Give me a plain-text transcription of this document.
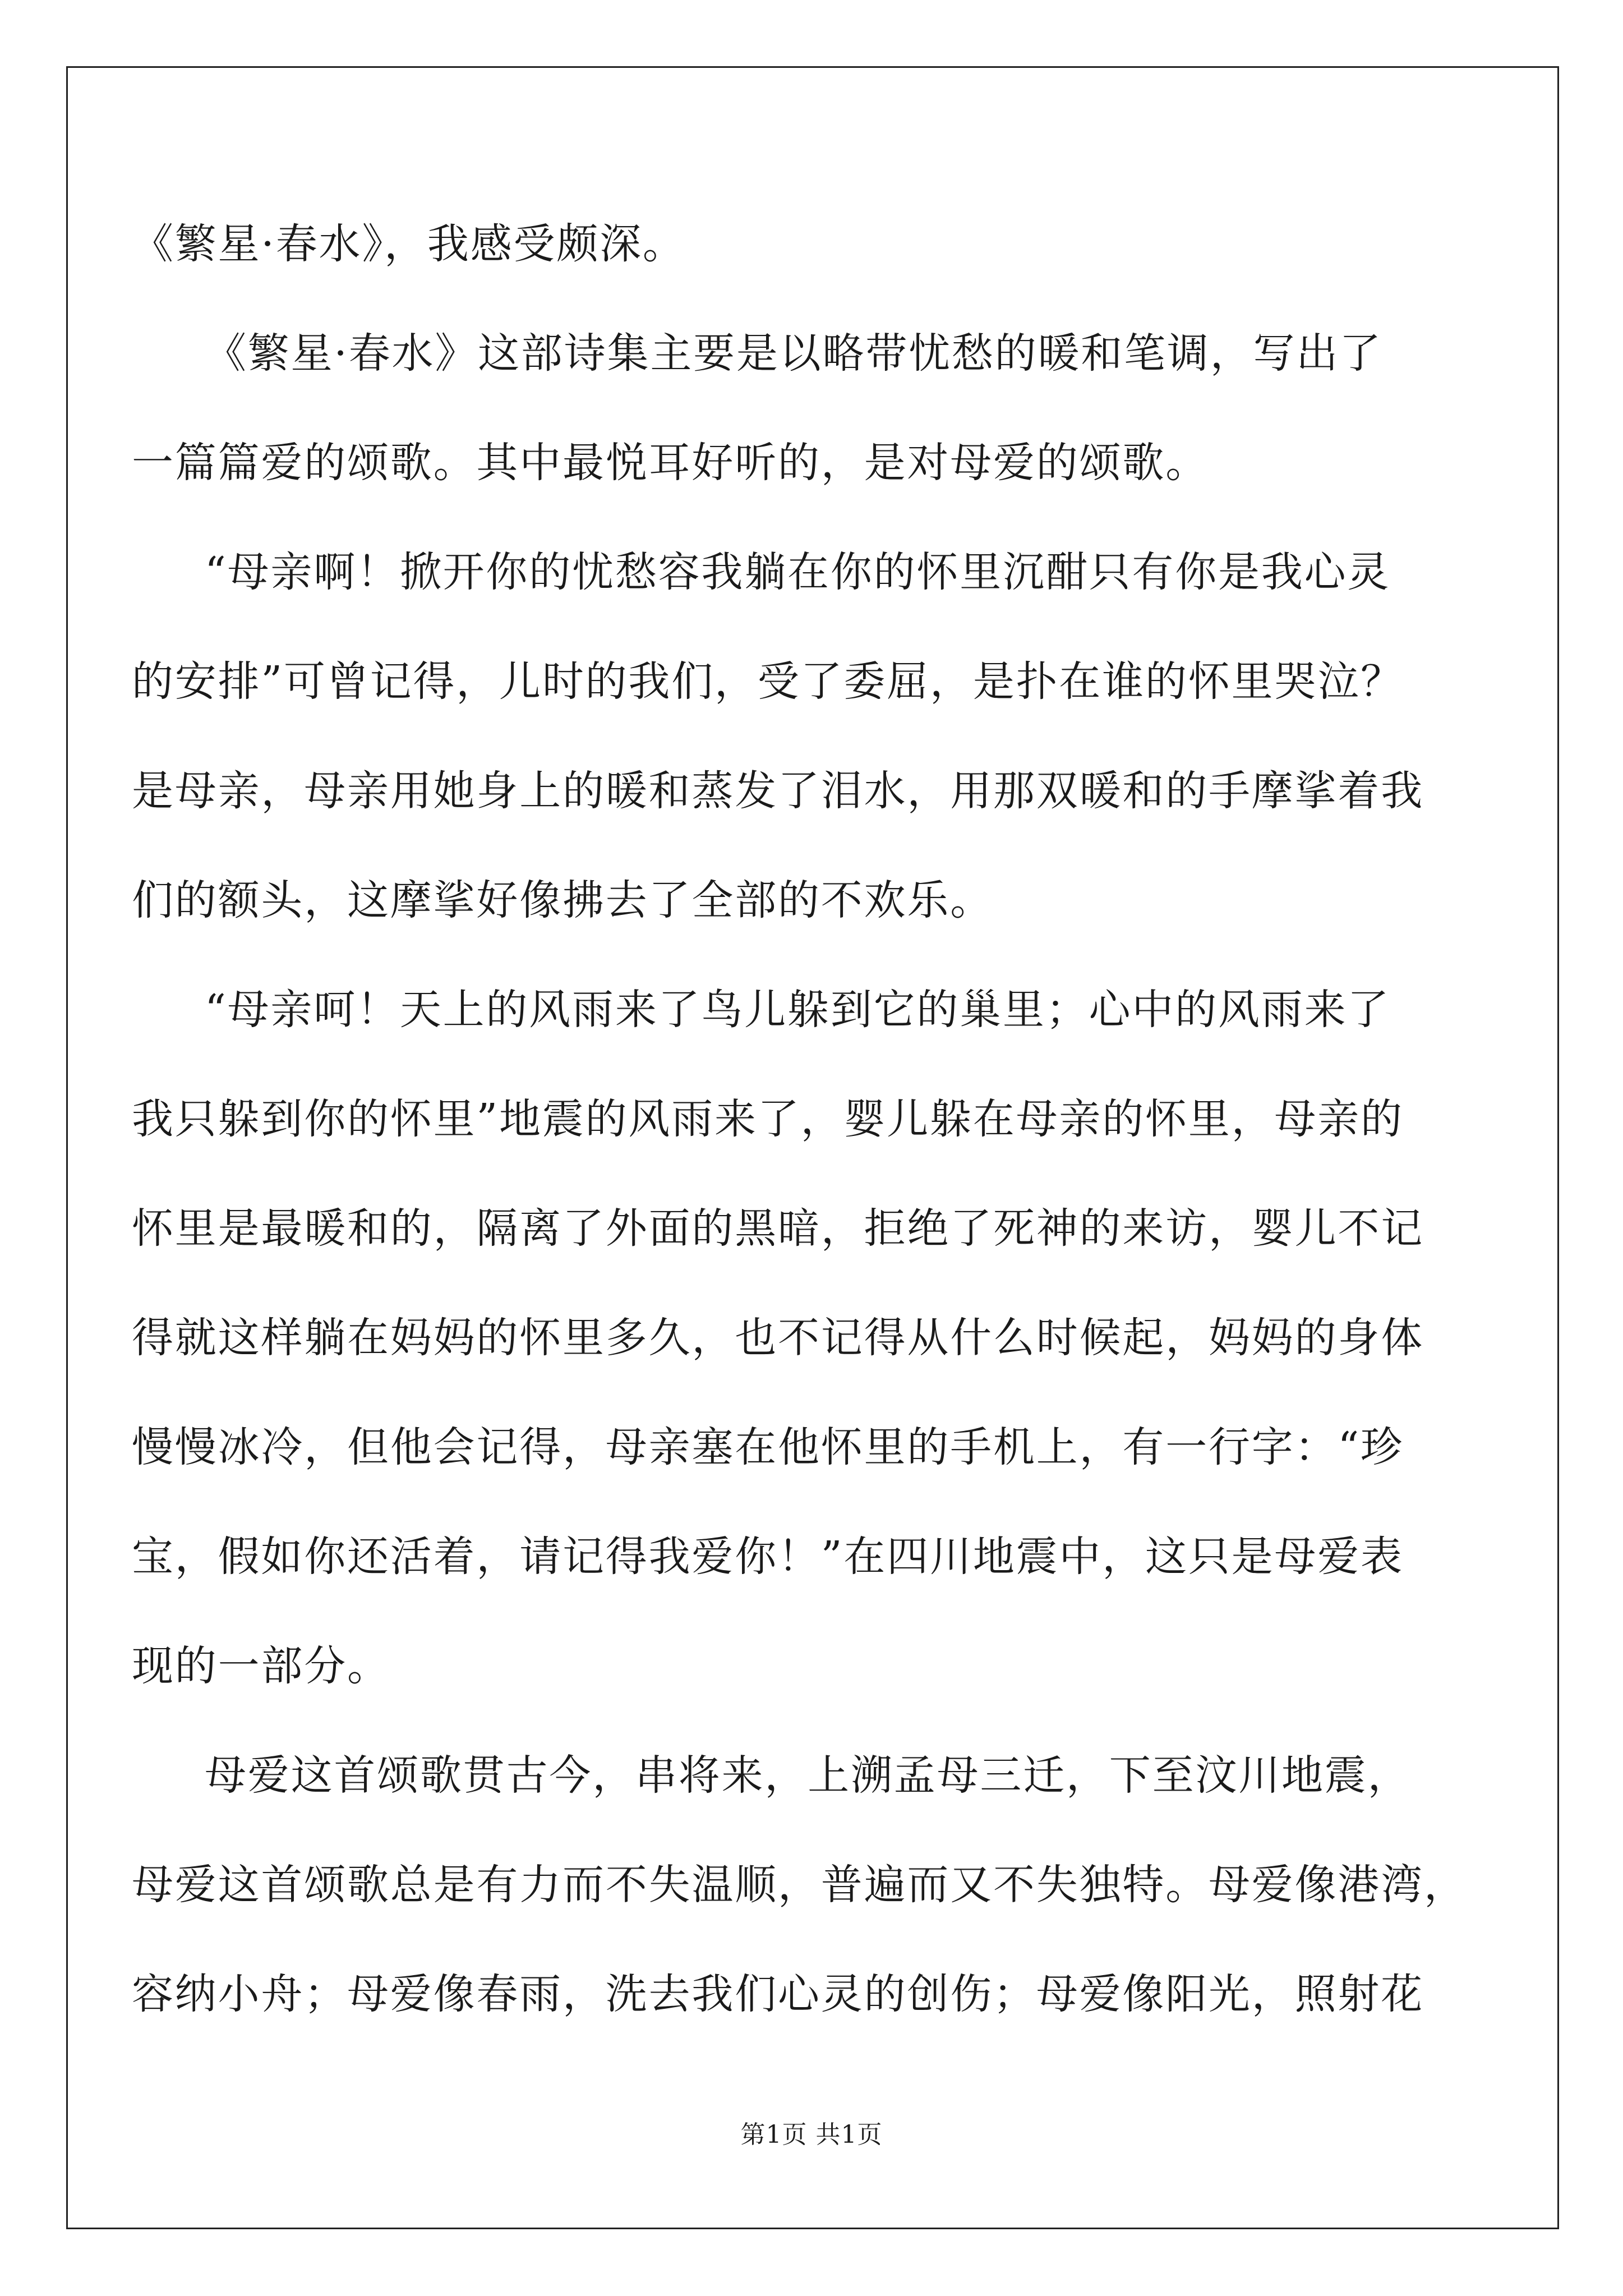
《繁星·春水》，我感受颇深。
《繁星·春水》这部诗集主要是以略带忧愁的暖和笔调，写出了
一篇篇爱的颂歌。其中最悦耳好听的，是对母爱的颂歌。
“母亲啊！掀开你的忧愁容我躺在你的怀里沉酣只有你是我心灵
的安排”可曾记得，儿时的我们，受了委屈，是扑在谁的怀里哭泣？
是母亲，母亲用她身上的暖和蒸发了泪水，用那双暖和的手摩挲着我
们的额头，这摩挲好像拂去了全部的不欢乐。
“母亲呵！天上的风雨来了鸟儿躲到它的巢里；心中的风雨来了
我只躲到你的怀里”地震的风雨来了，婴儿躲在母亲的怀里，母亲的
怀里是最暖和的，隔离了外面的黑暗，拒绝了死神的来访，婴儿不记
得就这样躺在妈妈的怀里多久，也不记得从什么时候起，妈妈的身体
慢慢冰冷，但他会记得，母亲塞在他怀里的手机上，有一行字：“珍
宝，假如你还活着，请记得我爱你！”在四川地震中，这只是母爱表
现的一部分。
母爱这首颂歌贯古今，串将来，上溯孟母三迁，下至汶川地震，
母爱这首颂歌总是有力而不失温顺，普遍而又不失独特。母爱像港湾，
容纳小舟；母爱像春雨，洗去我们心灵的创伤；母爱像阳光，照射花
第1页 共1页
